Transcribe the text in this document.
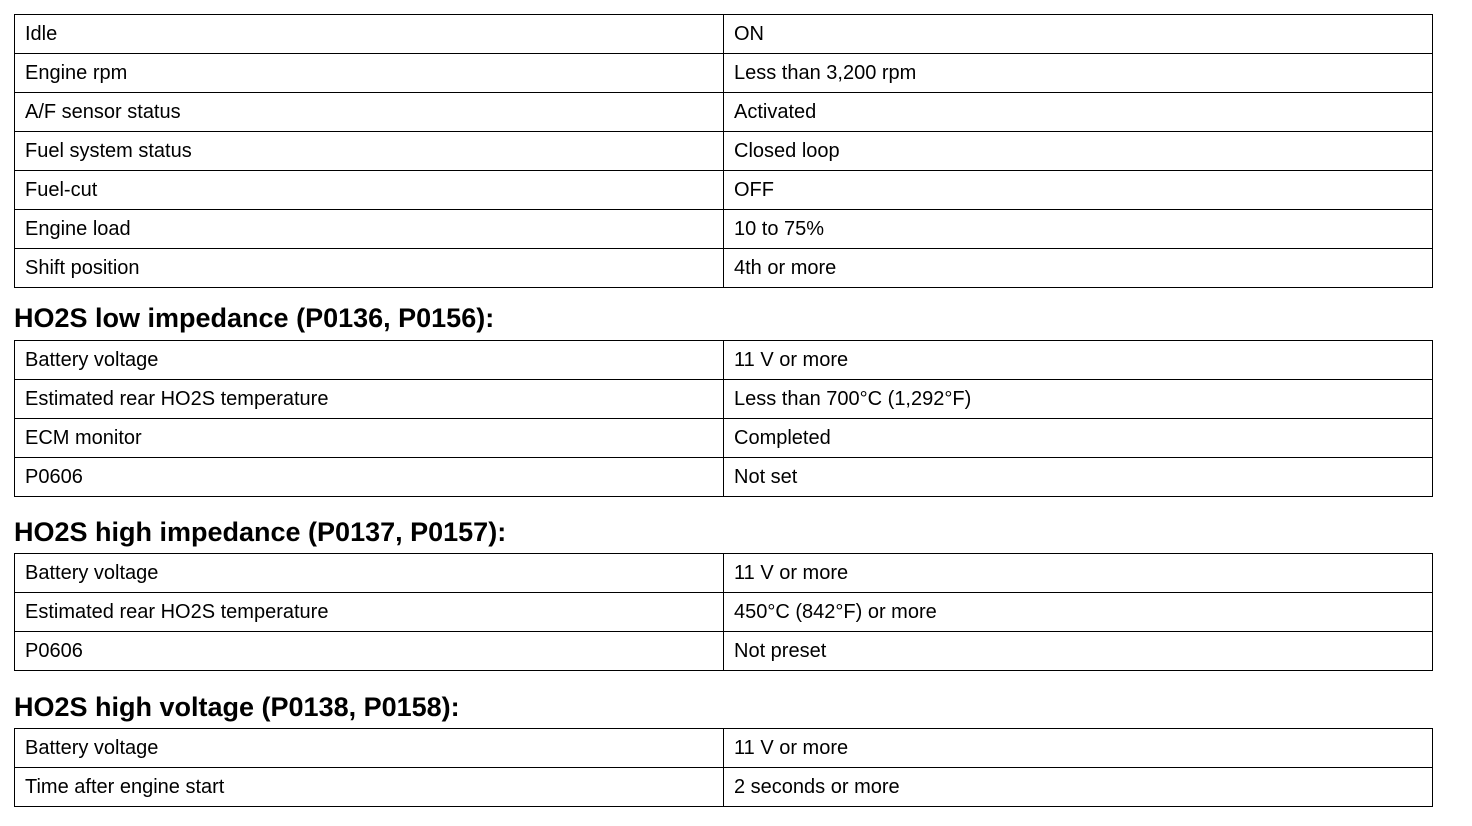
Idle	ON
Engine rpm	Less than 3,200 rpm
A/F sensor status	Activated
Fuel system status	Closed loop
Fuel-cut	OFF
Engine load	10 to 75%
Shift position	4th or more
HO2S low impedance (P0136, P0156):
Battery voltage	11 V or more
Estimated rear HO2S temperature	Less than 700°C (1,292°F)
ECM monitor	Completed
P0606	Not set
HO2S high impedance (P0137, P0157):
Battery voltage	11 V or more
Estimated rear HO2S temperature	450°C (842°F) or more
P0606	Not preset
HO2S high voltage (P0138, P0158):
Battery voltage	11 V or more
Time after engine start	2 seconds or more
